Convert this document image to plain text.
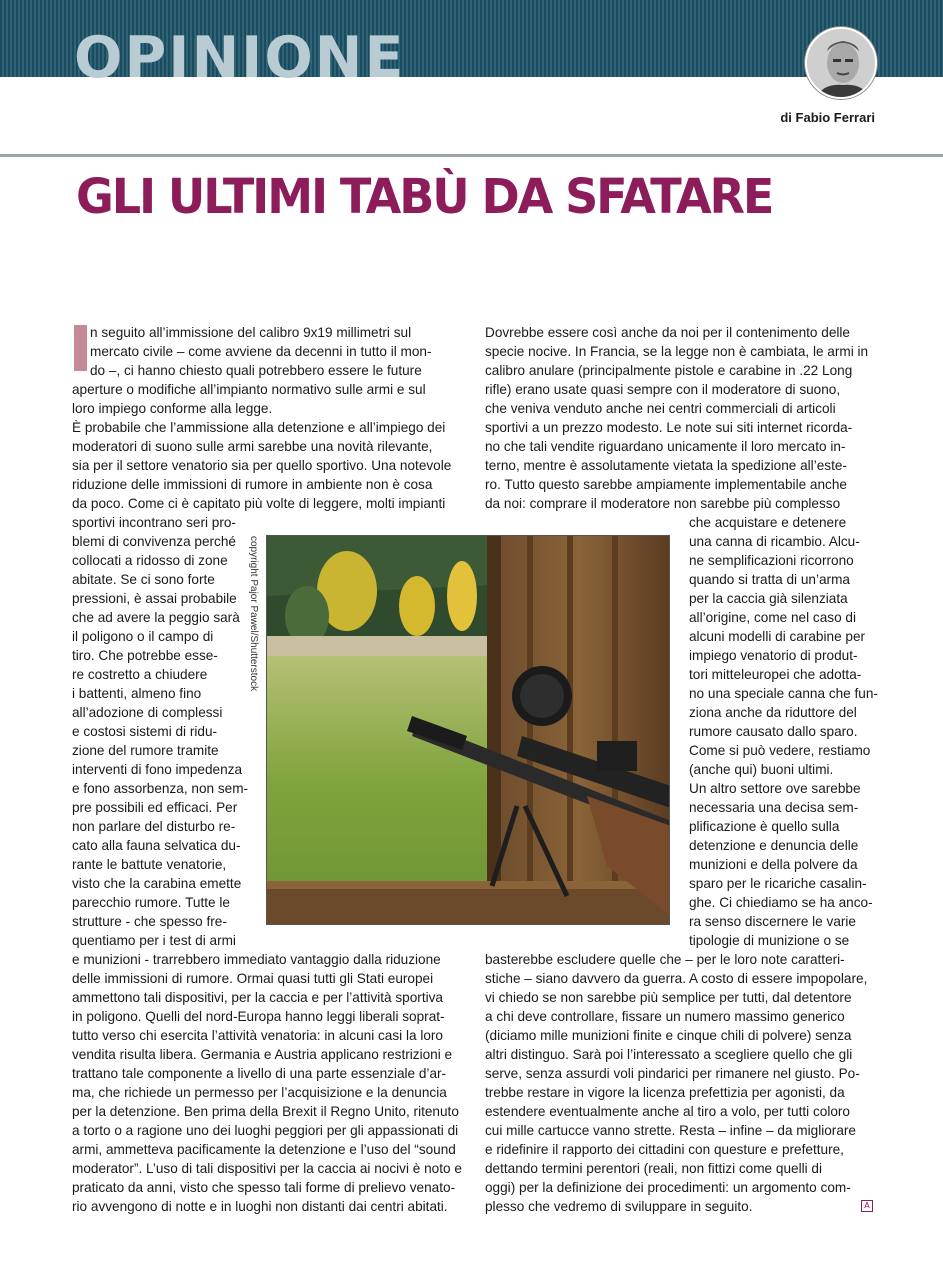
OPINIONE
di Fabio Ferrari
GLI ULTIMI TABÙ DA SFATARE
n seguito all’immissione del calibro 9x19 millimetri sul
mercato civile – come avviene da decenni in tutto il mon-
do –, ci hanno chiesto quali potrebbero essere le future
aperture o modifiche all’impianto normativo sulle armi e sul
loro impiego conforme alla legge.
È probabile che l’ammissione alla detenzione e all’impiego dei
moderatori di suono sulle armi sarebbe una novità rilevante,
sia per il settore venatorio sia per quello sportivo. Una notevole
riduzione delle immissioni di rumore in ambiente non è cosa
da poco. Come ci è capitato più volte di leggere, molti impianti
sportivi incontrano seri pro-
blemi di convivenza perché
collocati a ridosso di zone
abitate. Se ci sono forte
pressioni, è assai probabile
che ad avere la peggio sarà
il poligono o il campo di
tiro. Che potrebbe esse-
re costretto a chiudere
i battenti, almeno fino
all’adozione di complessi
e costosi sistemi di ridu-
zione del rumore tramite
interventi di fono impedenza
e fono assorbenza, non sem-
pre possibili ed efficaci. Per
non parlare del disturbo re-
cato alla fauna selvatica du-
rante le battute venatorie,
visto che la carabina emette
parecchio rumore. Tutte le
strutture - che spesso fre-
quentiamo per i test di armi
e munizioni - trarrebbero immediato vantaggio dalla riduzione
delle immissioni di rumore. Ormai quasi tutti gli Stati europei
ammettono tali dispositivi, per la caccia e per l’attività sportiva
in poligono. Quelli del nord-Europa hanno leggi liberali soprat-
tutto verso chi esercita l’attività venatoria: in alcuni casi la loro
vendita risulta libera. Germania e Austria applicano restrizioni e
trattano tale componente a livello di una parte essenziale d’ar-
ma, che richiede un permesso per l’acquisizione e la denuncia
per la detenzione. Ben prima della Brexit il Regno Unito, ritenuto
a torto o a ragione uno dei luoghi peggiori per gli appassionati di
armi, ammetteva pacificamente la detenzione e l’uso del “sound
moderator”. L’uso di tali dispositivi per la caccia ai nocivi è noto e
praticato da anni, visto che spesso tali forme di prelievo venato-
rio avvengono di notte e in luoghi non distanti dai centri abitati.
copyright Pajor Pawel/Shutterstock
Dovrebbe essere così anche da noi per il contenimento delle
specie nocive. In Francia, se la legge non è cambiata, le armi in
calibro anulare (principalmente pistole e carabine in .22 Long
rifle) erano usate quasi sempre con il moderatore di suono,
che veniva venduto anche nei centri commerciali di articoli
sportivi a un prezzo modesto. Le note sui siti internet ricorda-
no che tali vendite riguardano unicamente il loro mercato in-
terno, mentre è assolutamente vietata la spedizione all’este-
ro. Tutto questo sarebbe ampiamente implementabile anche
da noi: comprare il moderatore non sarebbe più complesso
che acquistare e detenere
una canna di ricambio. Alcu-
ne semplificazioni ricorrono
quando si tratta di un’arma
per la caccia già silenziata
all’origine, come nel caso di
alcuni modelli di carabine per
impiego venatorio di produt-
tori mitteleuropei che adotta-
no una speciale canna che fun-
ziona anche da riduttore del
rumore causato dallo sparo.
Come si può vedere, restiamo
(anche qui) buoni ultimi.
Un altro settore ove sarebbe
necessaria una decisa sem-
plificazione è quello sulla
detenzione e denuncia delle
munizioni e della polvere da
sparo per le ricariche casalin-
ghe. Ci chiediamo se ha anco-
ra senso discernere le varie
tipologie di munizione o se
basterebbe escludere quelle che – per le loro note caratteri-
stiche – siano davvero da guerra. A costo di essere impopolare,
vi chiedo se non sarebbe più semplice per tutti, dal detentore
a chi deve controllare, fissare un numero massimo generico
(diciamo mille munizioni finite e cinque chili di polvere) senza
altri distinguo. Sarà poi l’interessato a scegliere quello che gli
serve, senza assurdi voli pindarici per rimanere nel giusto. Po-
trebbe restare in vigore la licenza prefettizia per agonisti, da
estendere eventualmente anche al tiro a volo, per tutti coloro
cui mille cartucce vanno strette. Resta – infine – da migliorare
e ridefinire il rapporto dei cittadini con questure e prefetture,
dettando termini perentori (reali, non fittizi come quelli di
oggi) per la definizione dei procedimenti: un argomento com-
plesso che vedremo di sviluppare in seguito.	A
